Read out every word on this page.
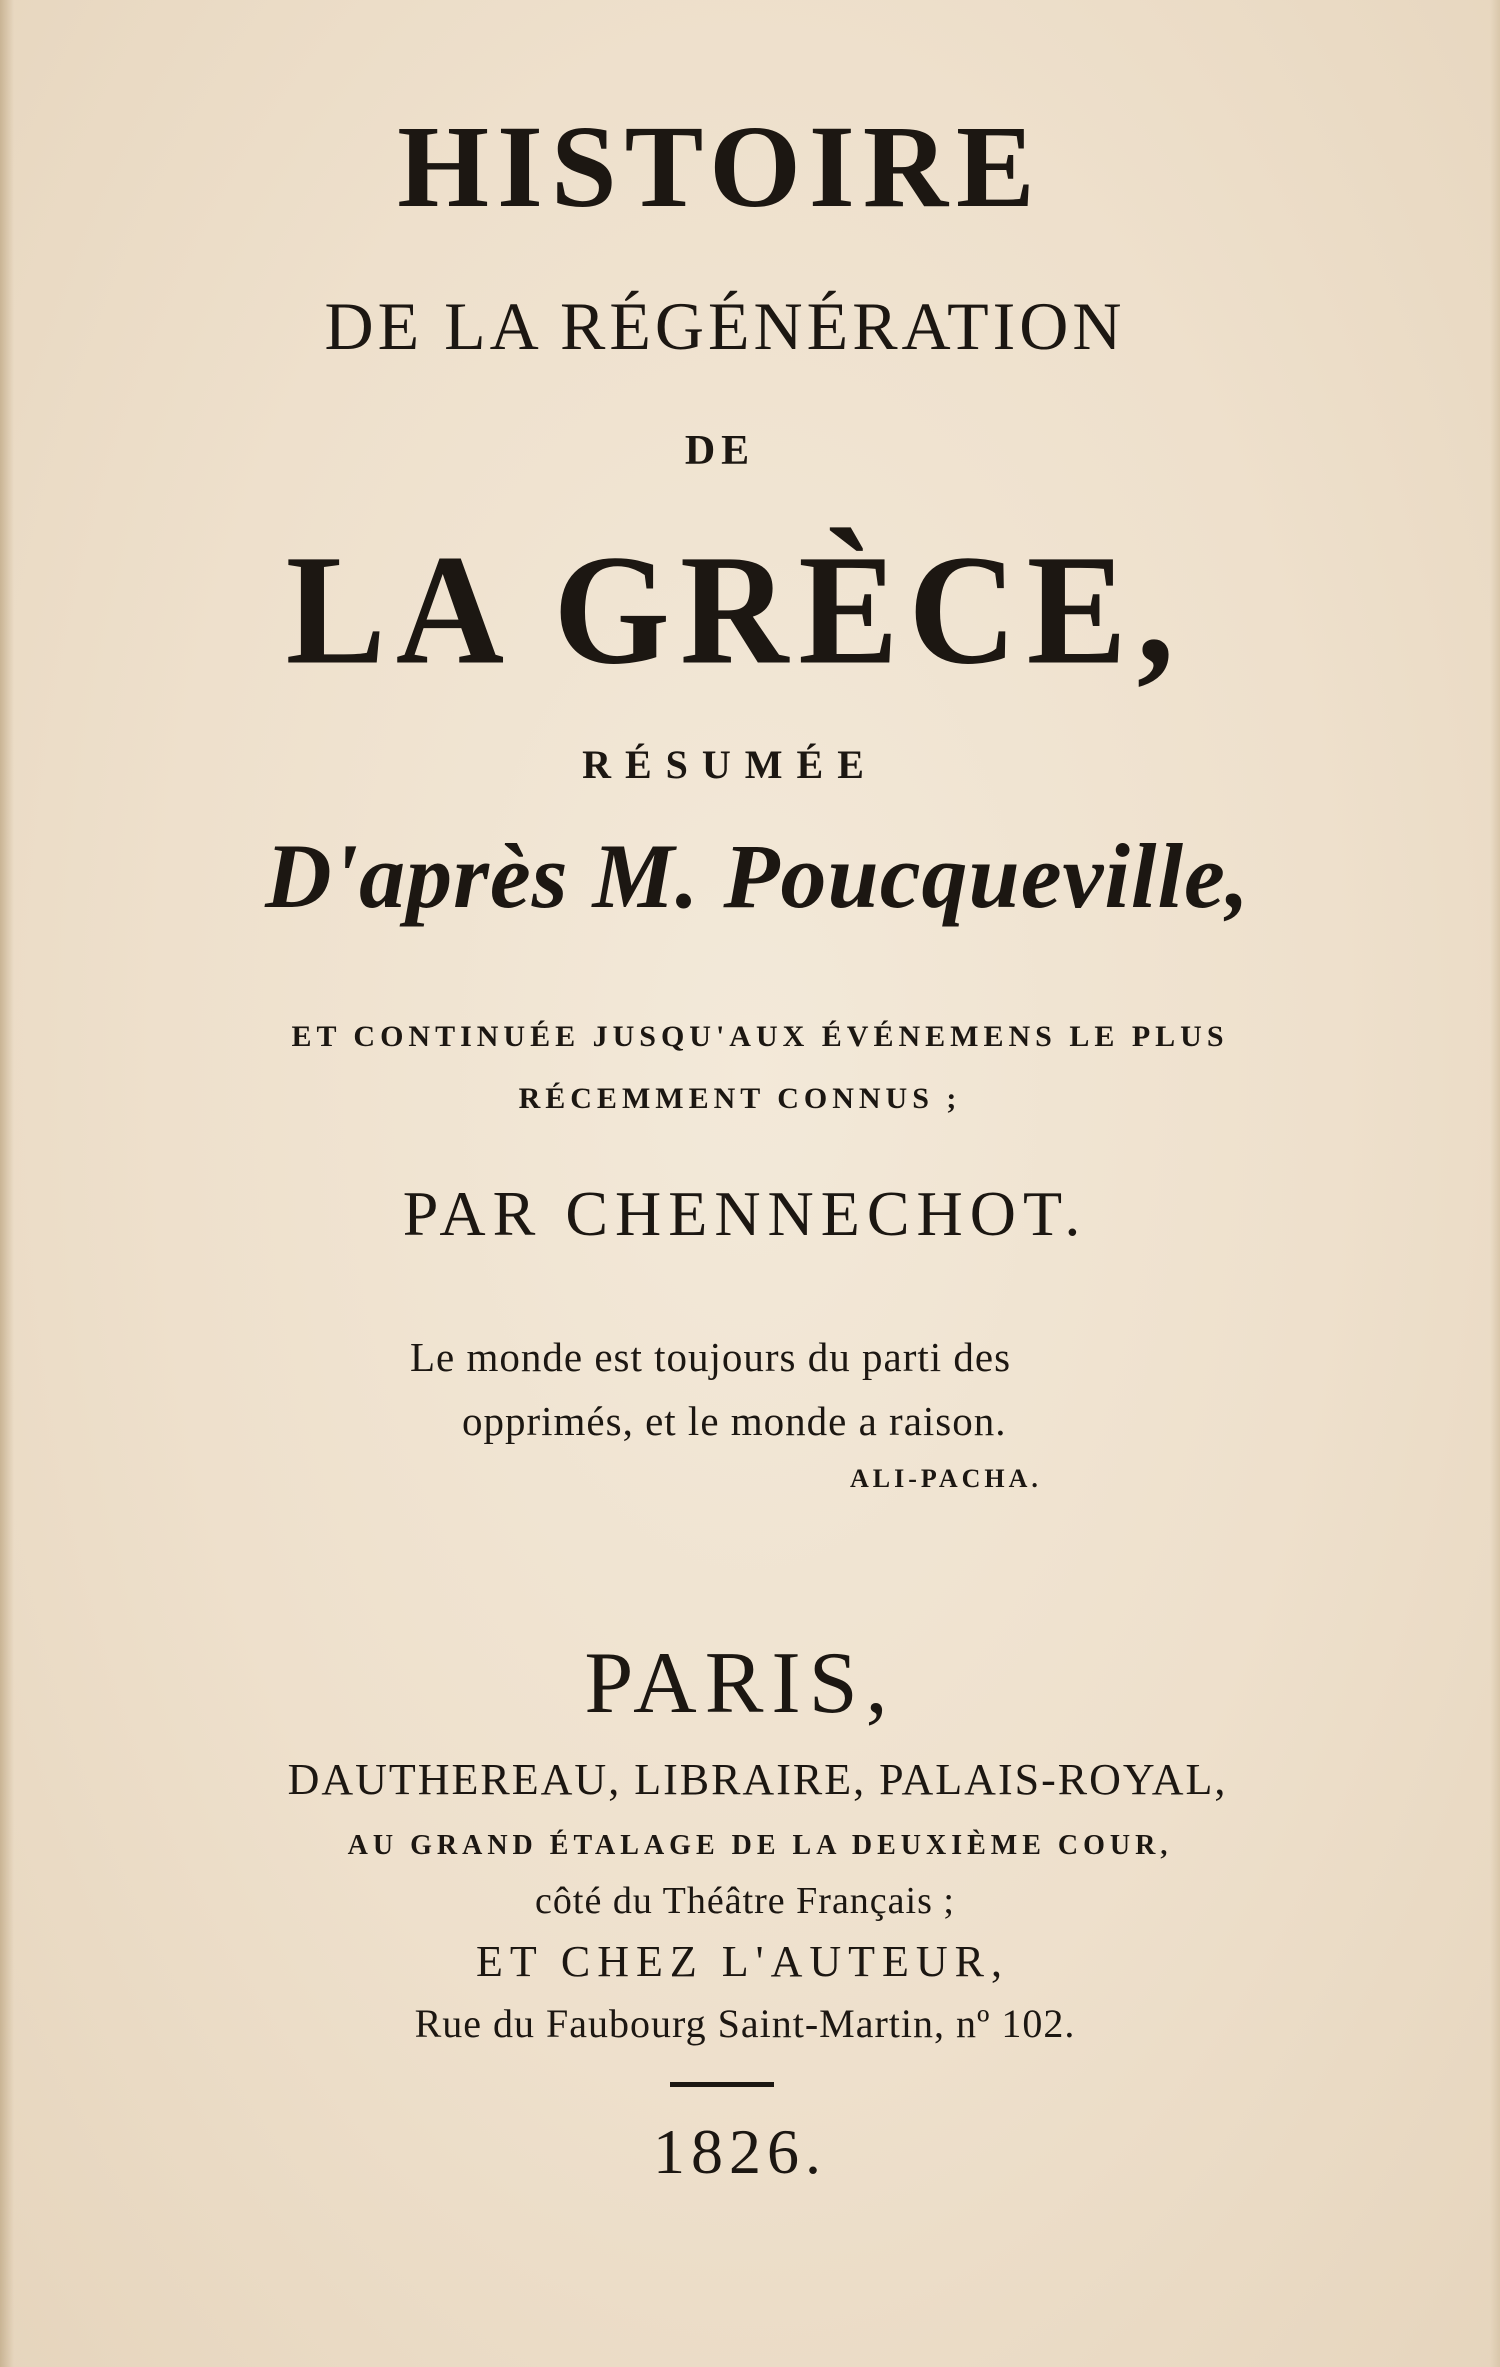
HISTOIRE
DE LA RÉGÉNÉRATION
DE
LA GRÈCE,
RÉSUMÉE
D'après M. Poucqueville,
ET CONTINUÉE JUSQU'AUX ÉVÉNEMENS LE PLUS
RÉCEMMENT CONNUS ;
PAR CHENNECHOT.
Le monde est toujours du parti des
opprimés, et le monde a raison.
ALI-PACHA.
PARIS,
DAUTHEREAU, LIBRAIRE, PALAIS-ROYAL,
AU GRAND ÉTALAGE DE LA DEUXIÈME COUR,
côté du Théâtre Français ;
ET CHEZ L'AUTEUR,
Rue du Faubourg Saint-Martin, nº 102.
1826.
